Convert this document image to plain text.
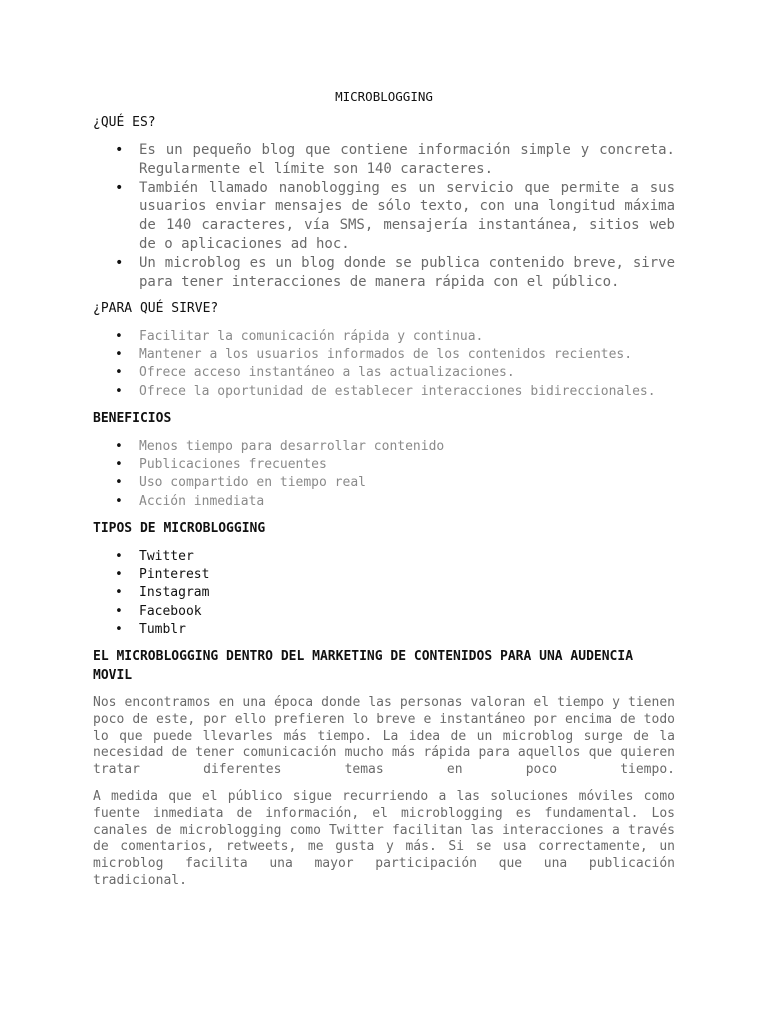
MICROBLOGGING
¿QUÉ ES?
• Es un pequeño blog que contiene información simple y concreta. Regularmente el límite son 140 caracteres.
• También llamado nanoblogging es un servicio que permite a sus usuarios enviar mensajes de sólo texto, con una longitud máxima de 140 caracteres, vía SMS, mensajería instantánea, sitios web de o aplicaciones ad hoc.
• Un microblog es un blog donde se publica contenido breve, sirve para tener interacciones de manera rápida con el público.
¿PARA QUÉ SIRVE?
• Facilitar la comunicación rápida y continua.
• Mantener a los usuarios informados de los contenidos recientes.
• Ofrece acceso instantáneo a las actualizaciones.
• Ofrece la oportunidad de establecer interacciones bidireccionales.
BENEFICIOS
• Menos tiempo para desarrollar contenido
• Publicaciones frecuentes
• Uso compartido en tiempo real
• Acción inmediata
TIPOS DE MICROBLOGGING
• Twitter
• Pinterest
• Instagram
• Facebook
• Tumblr
EL MICROBLOGGING DENTRO DEL MARKETING DE CONTENIDOS PARA UNA AUDENCIA MOVIL

Nos encontramos en una época donde las personas valoran el tiempo y tienen poco de este, por ello prefieren lo breve e instantáneo por encima de todo lo que puede llevarles más tiempo. La idea de un microblog surge de la necesidad de tener comunicación mucho más rápida para aquellos que quieren tratar diferentes temas en poco tiempo.

A medida que el público sigue recurriendo a las soluciones móviles como fuente inmediata de información, el microblogging es fundamental. Los canales de microblogging como Twitter facilitan las interacciones a través de comentarios, retweets, me gusta y más. Si se usa correctamente, un microblog facilita una mayor participación que una publicación tradicional.
